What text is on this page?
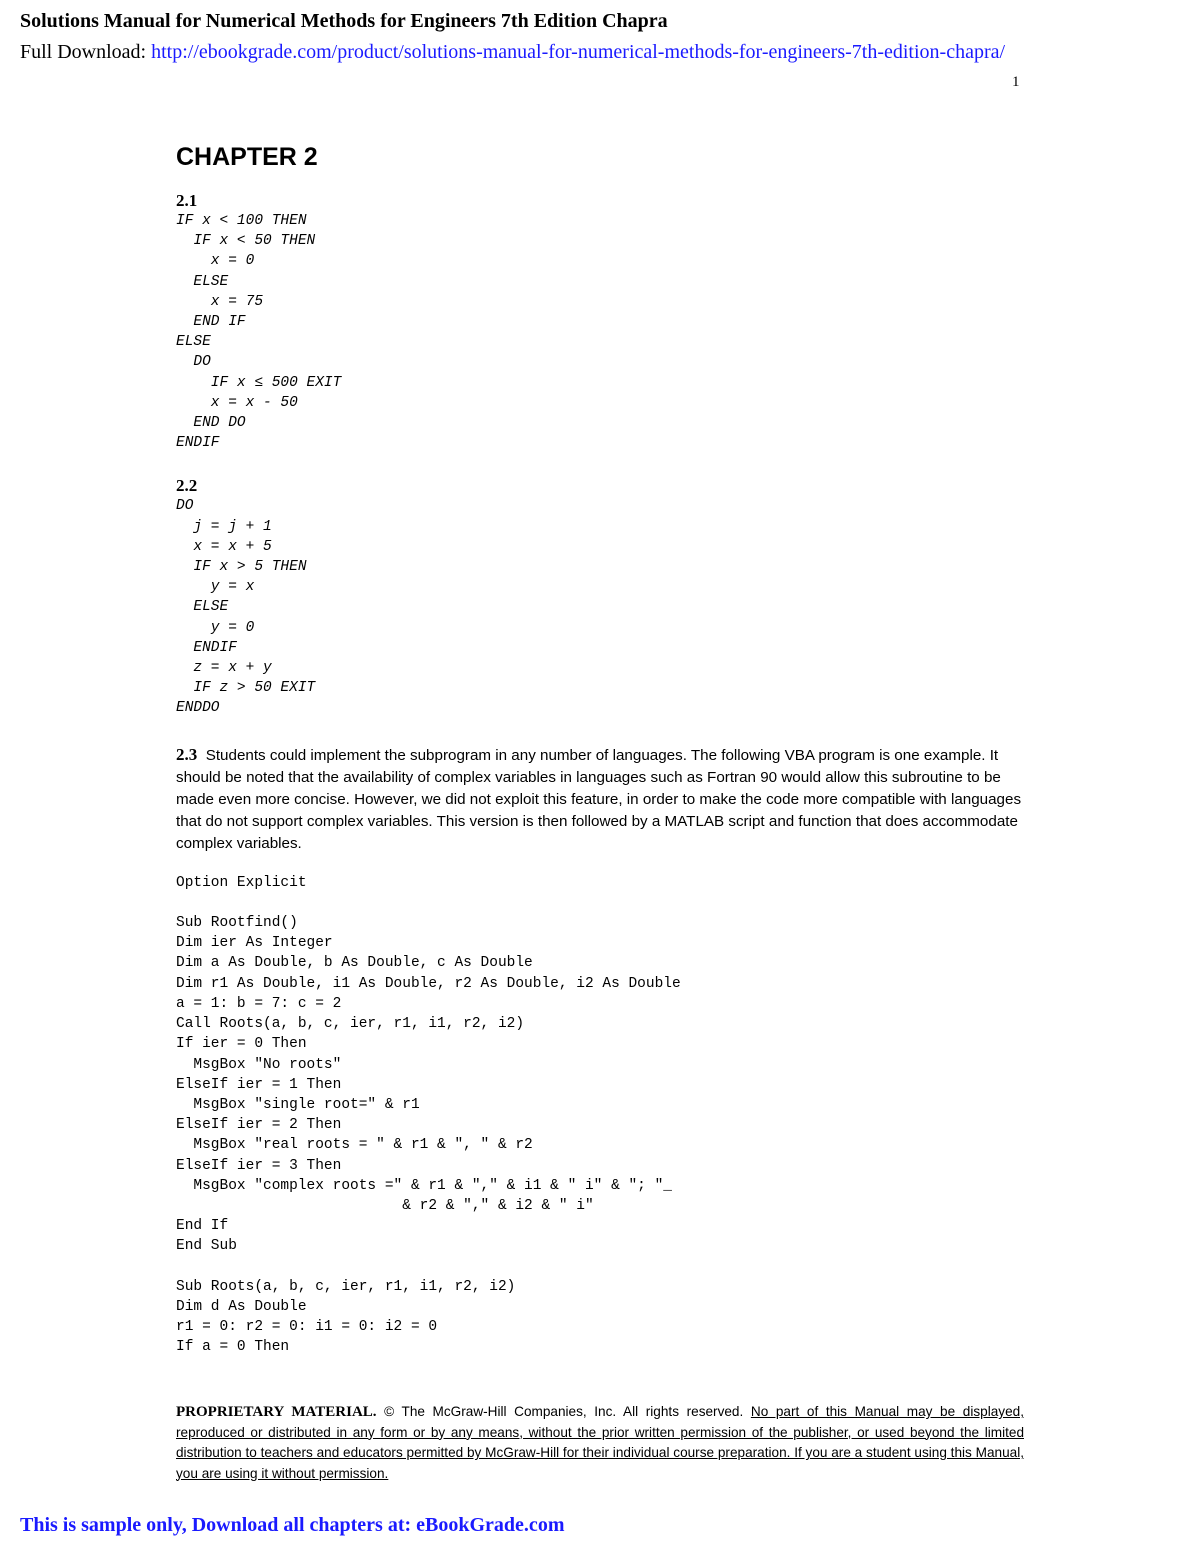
Solutions Manual for Numerical Methods for Engineers 7th Edition Chapra
Full Download: http://ebookgrade.com/product/solutions-manual-for-numerical-methods-for-engineers-7th-edition-chapra/
1
CHAPTER 2
2.1
IF x < 100 THEN
IF x < 50 THEN
x = 0
ELSE
x = 75
END IF
ELSE
DO
IF x ≤ 500 EXIT
x = x - 50
END DO
ENDIF
2.2
DO
j = j + 1
x = x + 5
IF x > 5 THEN
y = x
ELSE
y = 0
ENDIF
z = x + y
IF z > 50 EXIT
ENDDO

2.3 Students could implement the subprogram in any number of languages. The following VBA program is one example. It should be noted that the availability of complex variables in languages such as Fortran 90 would allow this subroutine to be made even more concise. However, we did not exploit this feature, in order to make the code more compatible with languages that do not support complex variables. This version is then followed by a MATLAB script and function that does accommodate complex variables.

Option Explicit

Sub Rootfind()
Dim ier As Integer
Dim a As Double, b As Double, c As Double
Dim r1 As Double, i1 As Double, r2 As Double, i2 As Double
a = 1: b = 7: c = 2
Call Roots(a, b, c, ier, r1, i1, r2, i2)
If ier = 0 Then
MsgBox "No roots"
ElseIf ier = 1 Then
MsgBox "single root=" & r1
ElseIf ier = 2 Then
MsgBox "real roots = " & r1 & ", " & r2
ElseIf ier = 3 Then
MsgBox "complex roots =" & r1 & "," & i1 & " i" & "; "_
& r2 & "," & i2 & " i"
End If
End Sub

Sub Roots(a, b, c, ier, r1, i1, r2, i2)
Dim d As Double
r1 = 0: r2 = 0: i1 = 0: i2 = 0
If a = 0 Then
PROPRIETARY MATERIAL. © The McGraw-Hill Companies, Inc. All rights reserved. No part of this Manual may be displayed, reproduced or distributed in any form or by any means, without the prior written permission of the publisher, or used beyond the limited distribution to teachers and educators permitted by McGraw-Hill for their individual course preparation. If you are a student using this Manual, you are using it without permission.
This is sample only, Download all chapters at: eBookGrade.com
